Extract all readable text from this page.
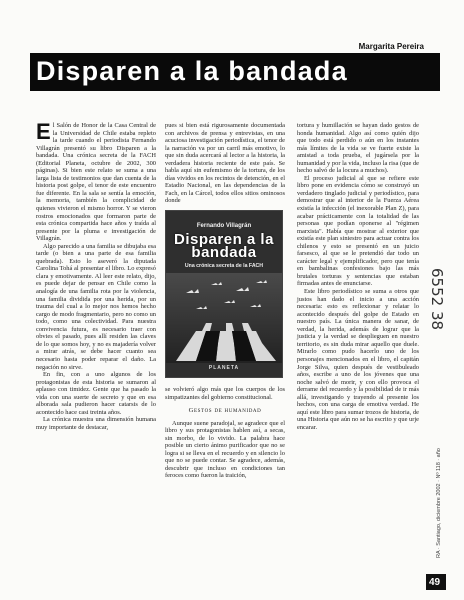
Margarita Pereira
Disparen a la bandada

El Salón de Honor de la Casa Central de la Universidad de Chile estaba repleto la tarde cuando el periodista Fernando Villagrán presentó su libro Disparen a la bandada. Una crónica secreta de la FACH (Editorial Planeta, octubre de 2002, 300 páginas). Si bien este relato se suma a una larga lista de testimonios que dan cuenta de la historia post golpe, el tenor de este encuentro fue diferente. En la sala se sentía la emoción, la memoria, también la complicidad de quienes vivieron el mismo horror. Y se vieron rostros emocionados que formaron parte de esta crónica compartida hace años y traída al presente por la pluma e investigación de Villagrán.

Algo parecido a una familia se dibujaba esa tarde (o bien a una parte de esa familia quebrada). Esto lo aseveró la diputada Carolina Tohá al presentar el libro. Lo expresó clara y emotivamente. Al leer este relato, dijo, es puede dejar de pensar en Chile como la analogía de una familia rota por la violencia, una familia dividida por una herida, por un trauma del cual a lo mejor nos hemos hecho cargo de modo fragmentario, pero no como un todo, como una colectividad. Para nuestra convivencia futura, es necesario traer con obvies el pasado, pues allí residen las claves de lo que somos hoy, y no es majadería volver a mirar atrás, se debe hacer cuanto sea necesario hasta poder reparar el daño. La negación no sirve.

En fin, con a uno algunos de los protagonistas de esta historia se sumaron al aplauso con timidez. Gente que ha pasado la vida con una suerte de secreto y que en esa alborada sala pudieron hacer catarsis de lo acontecido hace casi treinta años.

La crónica muestra una dimensión humana muy importante de destacar,

pues si bien está rigurosamente documentada con archivos de prensa y entrevistas, en una acuciosa investigación periodística, el tenor de la narración va por un carril más emotivo, lo que sin duda acercará al lector a la historia, la verdadera historia reciente de este país. Se habla aquí sin eufemismo de la tortura, de los días vividos en los recintos de detención, en el Estadio Nacional, en las dependencias de la Fach, en la Cárcel, todos ellos sitios ominosos donde

Fernando Villagrán
Disparen a la bandada
Una crónica secreta de la FACH
PLANETA

se volvieró algo más que los cuerpos de los simpatizantes del gobierno constitucional.

Gestos de humanidad

Aunque suene paradojal, se agradece que el libro y sus protagonistas hablen así, a secas, sin morbo, de lo vivido. La palabra hace posible un cierto ánimo purificador que no se logra si se lleva en el recuerdo y en silencio lo que no se puede contar. Se agradece, además, descubrir que incluso en condiciones tan feroces como fueron la traición,

tortura y humillación se hayan dado gestos de honda humanidad. Algo así como quién dijo que todo está perdido o aún en los instantes más límites de la vida se ve fuerte existe la amistad a toda prueba, el jugársela por la humanidad y por la vida, incluso la risa (que de hecho salvó de la locura a muchos).

El proceso judicial al que se refiere este libro pone en evidencia cómo se construyó un verdadero tinglado judicial y periodístico, para demostrar que al interior de la Fuerza Aérea existía la infección (el inexorable Plan Z), para acabar prácticamente con la totalidad de las personas que podían oponerse al "régimen marxista". Había que mostrar al exterior que existía este plan siniestro para actuar contra los chilenos y esto se presentó en un juicio farsesco, al que se le pretendió dar todo un carácter legal y ejemplificador, pero que tenía en bambalinas confesiones bajo las más brutales torturas y sentencias que estaban firmadas antes de enunciarse.

Este libro periodístico se suma a otros que justos han dado el inicio a una acción necesaria: esto es reflexionar y relatar lo acontecido después del golpe de Estado en nuestro país. La única manera de sanar, de verdad, la herida, además de lograr que la justicia y la verdad se desplieguen en nuestro territorio, es sin duda mirar aquello que duele. Mirarlo como pudo hacerlo uno de los personajes mencionados en el libro, el capitán Jorge Silva, quien después de vestibuleado años, escribe a uno de los jóvenes que una noche salvó de morir, y con ello provoca el derrame del recuerdo y la posibilidad de ir más allá, investigando y trayendo al presente los hechos, con una carga de emotiva verdad. He aquí este libro para sumar trozos de historia, de una Historia que aún no se ha escrito y que urje encarar.

6552 38
RA · Santiago, diciembre 2002 · Nº 118 · año
49
